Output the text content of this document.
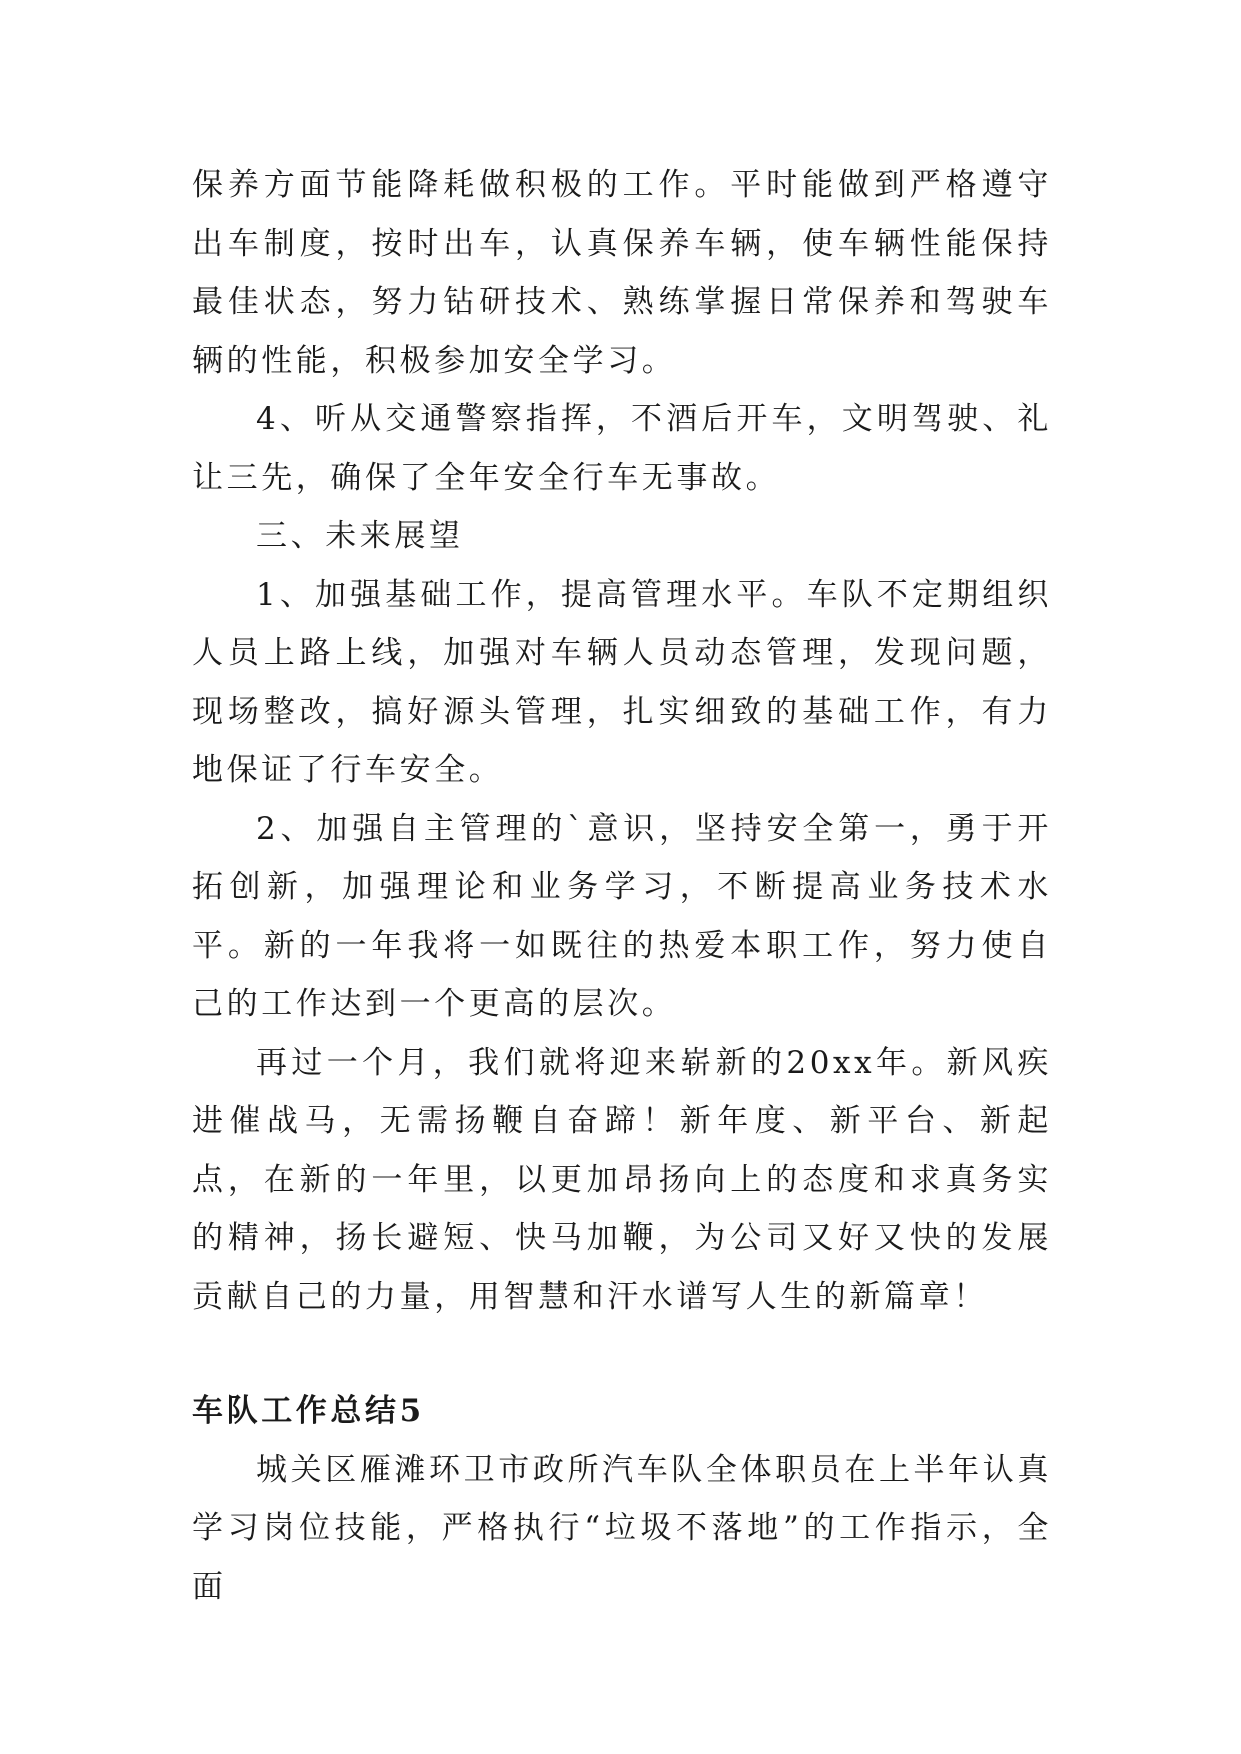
保养方面节能降耗做积极的工作。平时能做到严格遵守出车制度，按时出车，认真保养车辆，使车辆性能保持最佳状态，努力钻研技术、熟练掌握日常保养和驾驶车辆的性能，积极参加安全学习。

4、听从交通警察指挥，不酒后开车，文明驾驶、礼让三先，确保了全年安全行车无事故。

三、未来展望

1、加强基础工作，提高管理水平。车队不定期组织人员上路上线，加强对车辆人员动态管理，发现问题，现场整改，搞好源头管理，扎实细致的基础工作，有力地保证了行车安全。

2、加强自主管理的`意识，坚持安全第一，勇于开拓创新，加强理论和业务学习，不断提高业务技术水平。新的一年我将一如既往的热爱本职工作，努力使自己的工作达到一个更高的层次。

再过一个月，我们就将迎来崭新的20xx年。新风疾进催战马，无需扬鞭自奋蹄！新年度、新平台、新起点，在新的一年里，以更加昂扬向上的态度和求真务实的精神，扬长避短、快马加鞭，为公司又好又快的发展贡献自己的力量，用智慧和汗水谱写人生的新篇章！

车队工作总结5

城关区雁滩环卫市政所汽车队全体职员在上半年认真学习岗位技能，严格执行“垃圾不落地”的工作指示，全面
